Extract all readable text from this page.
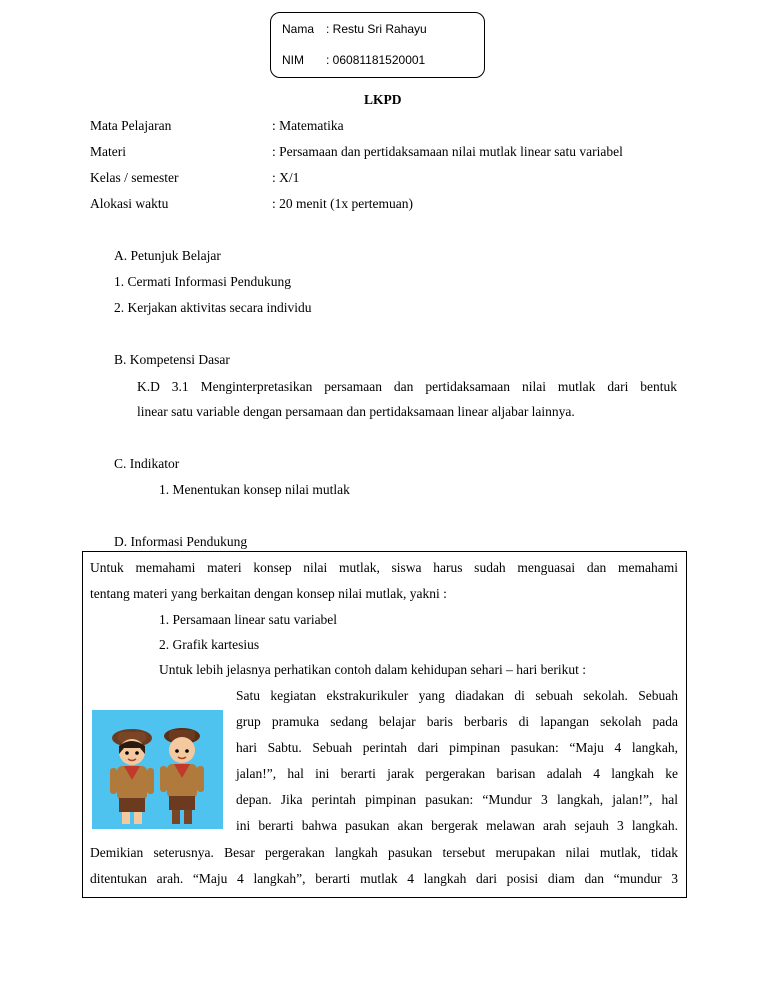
Nama : Restu Sri Rahayu
NIM : 06081181520001
LKPD
Mata Pelajaran	: Matematika
Materi	: Persamaan dan pertidaksamaan nilai mutlak linear satu variabel
Kelas / semester	: X/1
Alokasi waktu	: 20 menit (1x pertemuan)
A. Petunjuk Belajar
1. Cermati Informasi Pendukung
2. Kerjakan aktivitas secara individu
B. Kompetensi Dasar
K.D 3.1 Menginterpretasikan persamaan dan pertidaksamaan nilai mutlak dari bentuk
linear satu variable dengan persamaan dan pertidaksamaan linear aljabar lainnya.
C. Indikator
1. Menentukan konsep nilai mutlak
D. Informasi Pendukung
Untuk memahami materi konsep nilai mutlak, siswa harus sudah menguasai dan memahami
tentang materi yang berkaitan dengan konsep nilai mutlak, yakni :
1. Persamaan linear satu variabel
2. Grafik kartesius
Untuk lebih jelasnya perhatikan contoh dalam kehidupan sehari – hari berikut :
Satu kegiatan ekstrakurikuler yang diadakan di sebuah sekolah. Sebuah
grup pramuka sedang belajar baris berbaris di lapangan sekolah pada
hari Sabtu. Sebuah perintah dari pimpinan pasukan: “Maju 4 langkah,
jalan!”, hal ini berarti jarak pergerakan barisan adalah 4 langkah ke
depan. Jika perintah pimpinan pasukan: “Mundur 3 langkah, jalan!”, hal
ini berarti bahwa pasukan akan bergerak melawan arah sejauh 3 langkah.
Demikian seterusnya. Besar pergerakan langkah pasukan tersebut merupakan nilai mutlak, tidak
ditentukan arah. “Maju 4 langkah”, berarti mutlak 4 langkah dari posisi diam dan “mundur 3
